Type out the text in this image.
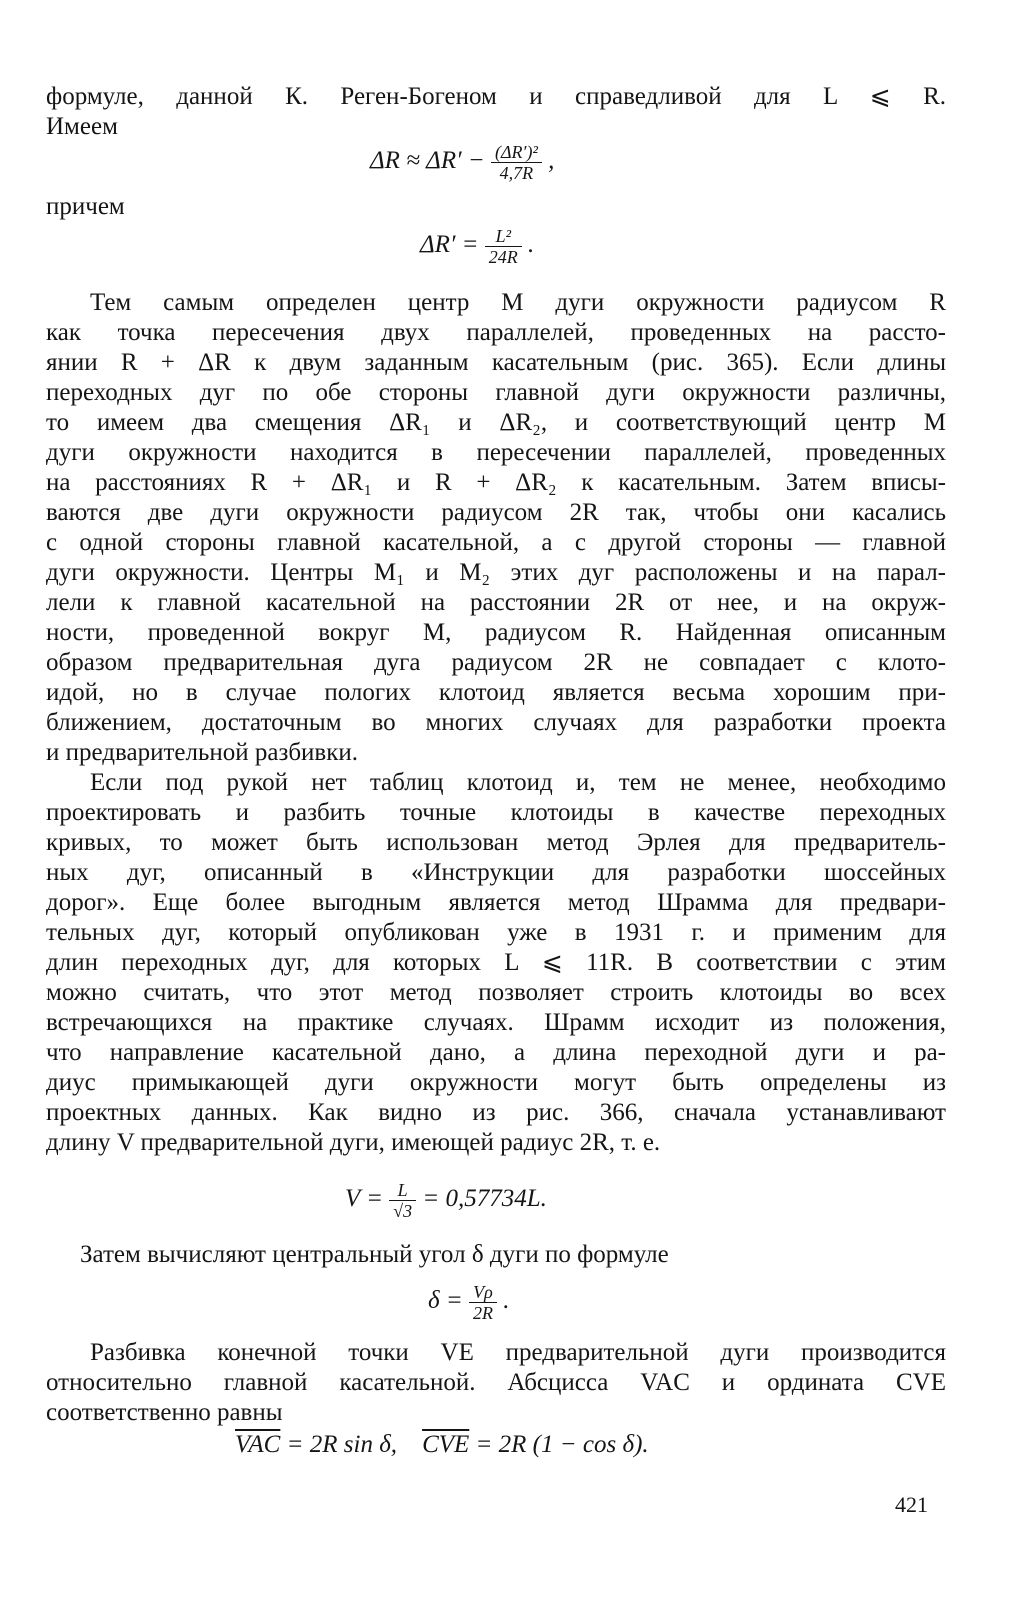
формуле, данной К. Реген-Богеном и справедливой для L ⩽ R.
Имеем
$\Delta R \approx \Delta R' - \frac{\text{(ΔR′)²}}{4,7R}$ ,
причем
$\Delta R' = \frac{\text{L²}}{24R}$ .
Тем самым определен центр M дуги окружности радиусом R
как точка пересечения двух параллелей, проведенных на рассто-
янии R + ΔR к двум заданным касательным (рис. 365). Если длины
переходных дуг по обе стороны главной дуги окружности различны,
то имеем два смещения ΔR₁ и ΔR₂, и соответствующий центр M
дуги окружности находится в пересечении параллелей, проведенных
на расстояниях R + ΔR₁ и R + ΔR₂ к касательным. Затем вписы-
ваются две дуги окружности радиусом 2R так, чтобы они касались
с одной стороны главной касательной, а с другой стороны — главной
дуги окружности. Центры M₁ и M₂ этих дуг расположены и на парал-
лели к главной касательной на расстоянии 2R от нее, и на окруж-
ности, проведенной вокруг M, радиусом R. Найденная описанным
образом предварительная дуга радиусом 2R не совпадает с клото-
идой, но в случае пологих клотоид является весьма хорошим при-
ближением, достаточным во многих случаях для разработки проекта
и предварительной разбивки.
Если под рукой нет таблиц клотоид и, тем не менее, необходимо
проектировать и разбить точные клотоиды в качестве переходных
кривых, то может быть использован метод Эрлея для предваритель-
ных дуг, описанный в «Инструкции для разработки шоссейных
дорог». Еще более выгодным является метод Шрамма для предвари-
тельных дуг, который опубликован уже в 1931 г. и применим для
длин переходных дуг, для которых L ⩽ 11R. В соответствии с этим
можно считать, что этот метод позволяет строить клотоиды во всех
встречающихся на практике случаях. Шрамм исходит из положения,
что направление касательной дано, а длина переходной дуги и ра-
диус примыкающей дуги окружности могут быть определены из
проектных данных. Как видно из рис. 366, сначала устанавливают
длину V предварительной дуги, имеющей радиус 2R, т. е.
$V = \frac{L}{√3} = 0,57734L$.
Затем вычисляют центральный угол δ дуги по формуле
$\delta = \frac{V\rho}{2R}$ .
Разбивка конечной точки VE предварительной дуги производится
относительно главной касательной. Абсцисса VAC и ордината CVE
соответственно равны
$\overline{VAC} = 2R$ sin δ,    $\overline{CVE} = 2R$ (1 − cos δ).
421
